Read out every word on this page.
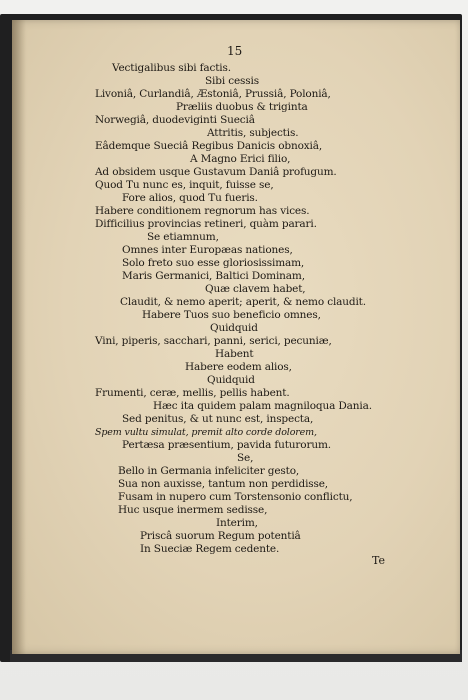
15
Vectigalibus sibi factis.
Sibi cessis
Livoniâ, Curlandiâ, Æstoniâ, Prussiâ, Poloniâ,
Præliis duobus & triginta
Norwegiâ, duodeviginti Sueciâ
Attritis, subjectis.
Eâdemque Sueciâ Regibus Danicis obnoxiâ,
A Magno Erici filio,
Ad obsidem usque Gustavum Daniâ profugum.
Quod Tu nunc es, inquit, fuisse se,
Fore alios, quod Tu fueris.
Habere conditionem regnorum has vices.
Difficilius provincias retineri, quàm parari.
Se etiamnum,
Omnes inter Europæas nationes,
Solo freto suo esse gloriosissimam,
Maris Germanici, Baltici Dominam,
Quæ clavem habet,
Claudit, & nemo aperit; aperit, & nemo claudit.
Habere Tuos suo beneficio omnes,
Quidquid
Vini, piperis, sacchari, panni, serici, pecuniæ,
Habent
Habere eodem alios,
Quidquid
Frumenti, ceræ, mellis, pellis habent.
Hæc ita quidem palam magniloqua Dania.
Sed penitus, & ut nunc est, inspecta,
Spem vultu simulat, premit alto corde dolorem,
Pertæsa præsentium, pavida futurorum.
Se,
Bello in Germania infeliciter gesto,
Sua non auxisse, tantum non perdidisse,
Fusam in nupero cum Torstensonio conflictu,
Huc usque inermem sedisse,
Interim,
Priscâ suorum Regum potentiâ
In Sueciæ Regem cedente.
Te
